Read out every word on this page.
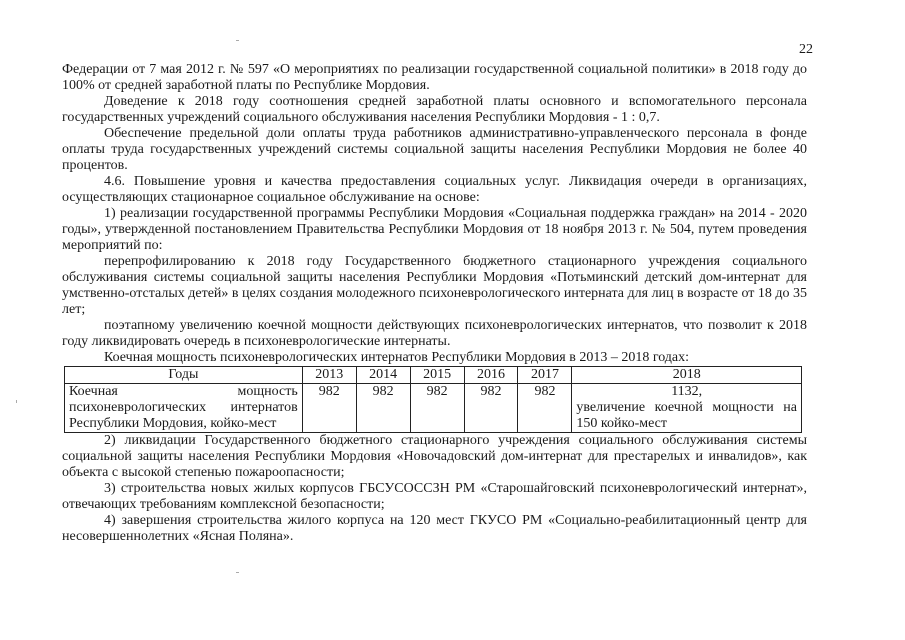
22

Федерации от 7 мая 2012 г. № 597 «О мероприятиях по реализации государственной социальной политики» в 2018 году до 100% от средней заработной платы по Республике Мордовия.

Доведение к 2018 году соотношения средней заработной платы основного и вспомогательного персонала государственных учреждений социального обслуживания населения Республики Мордовия - 1 : 0,7.

Обеспечение предельной доли оплаты труда работников административно-управленческого персонала в фонде оплаты труда государственных учреждений системы социальной защиты населения Республики Мордовия не более 40 процентов.

4.6. Повышение уровня и качества предоставления социальных услуг. Ликвидация очереди в организациях, осуществляющих стационарное социальное обслуживание на основе:

1) реализации государственной программы Республики Мордовия «Социальная поддержка граждан» на 2014 - 2020 годы», утвержденной постановлением Правительства Республики Мордовия от 18 ноября 2013 г. № 504, путем проведения мероприятий по:

перепрофилированию к 2018 году Государственного бюджетного стационарного учреждения социального обслуживания системы социальной защиты населения Республики Мордовия «Потьминский детский дом-интернат для умственно-отсталых детей» в целях создания молодежного психоневрологического интерната для лиц в возрасте от 18 до 35 лет;

поэтапному увеличению коечной мощности действующих психоневрологических интернатов, что позволит к 2018 году ликвидировать очередь в психоневрологические интернаты.

Коечная мощность психоневрологических интернатов Республики Мордовия в 2013 – 2018 годах:

Годы	2013	2014	2015	2016	2017	2018
Коечная мощность психоневрологических интернатов Республики Мордовия, койко-мест	982	982	982	982	982	1132,
увеличение коечной мощности на 150 койко-мест

2) ликвидации Государственного бюджетного стационарного учреждения социального обслуживания системы социальной защиты населения Республики Мордовия «Новочадовский дом-интернат для престарелых и инвалидов», как объекта с высокой степенью пожароопасности;

3) строительства новых жилых корпусов ГБСУСОССЗН РМ «Старошайговский психоневрологический интернат», отвечающих требованиям комплексной безопасности;

4) завершения строительства жилого корпуса на 120 мест ГКУСО РМ «Социально-реабилитационный центр для несовершеннолетних «Ясная Поляна».
